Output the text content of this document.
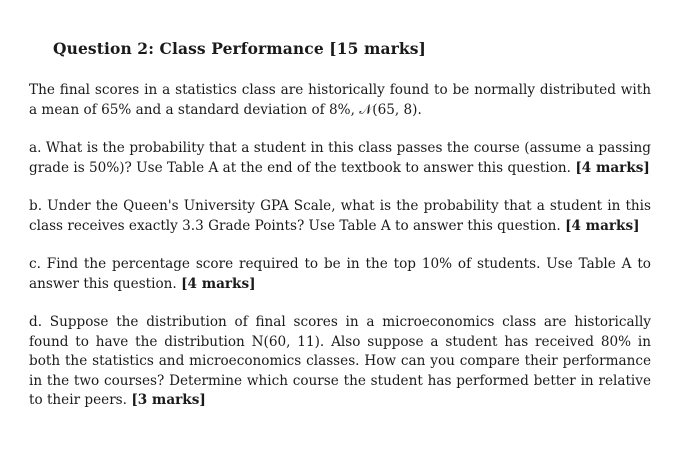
Question 2: Class Performance [15 marks]

The final scores in a statistics class are historically found to be normally distributed with a mean of 65% and a standard deviation of 8%, 𝒩(65, 8).

a. What is the probability that a student in this class passes the course (assume a passing grade is 50%)? Use Table A at the end of the textbook to answer this question. [4 marks]

b. Under the Queen's University GPA Scale, what is the probability that a student in this class receives exactly 3.3 Grade Points? Use Table A to answer this question. [4 marks]

c. Find the percentage score required to be in the top 10% of students. Use Table A to answer this question. [4 marks]

d. Suppose the distribution of final scores in a microeconomics class are historically found to have the distribution N(60, 11). Also suppose a student has received 80% in both the statistics and microeconomics classes. How can you compare their performance in the two courses? Determine which course the student has performed better in relative to their peers. [3 marks]
